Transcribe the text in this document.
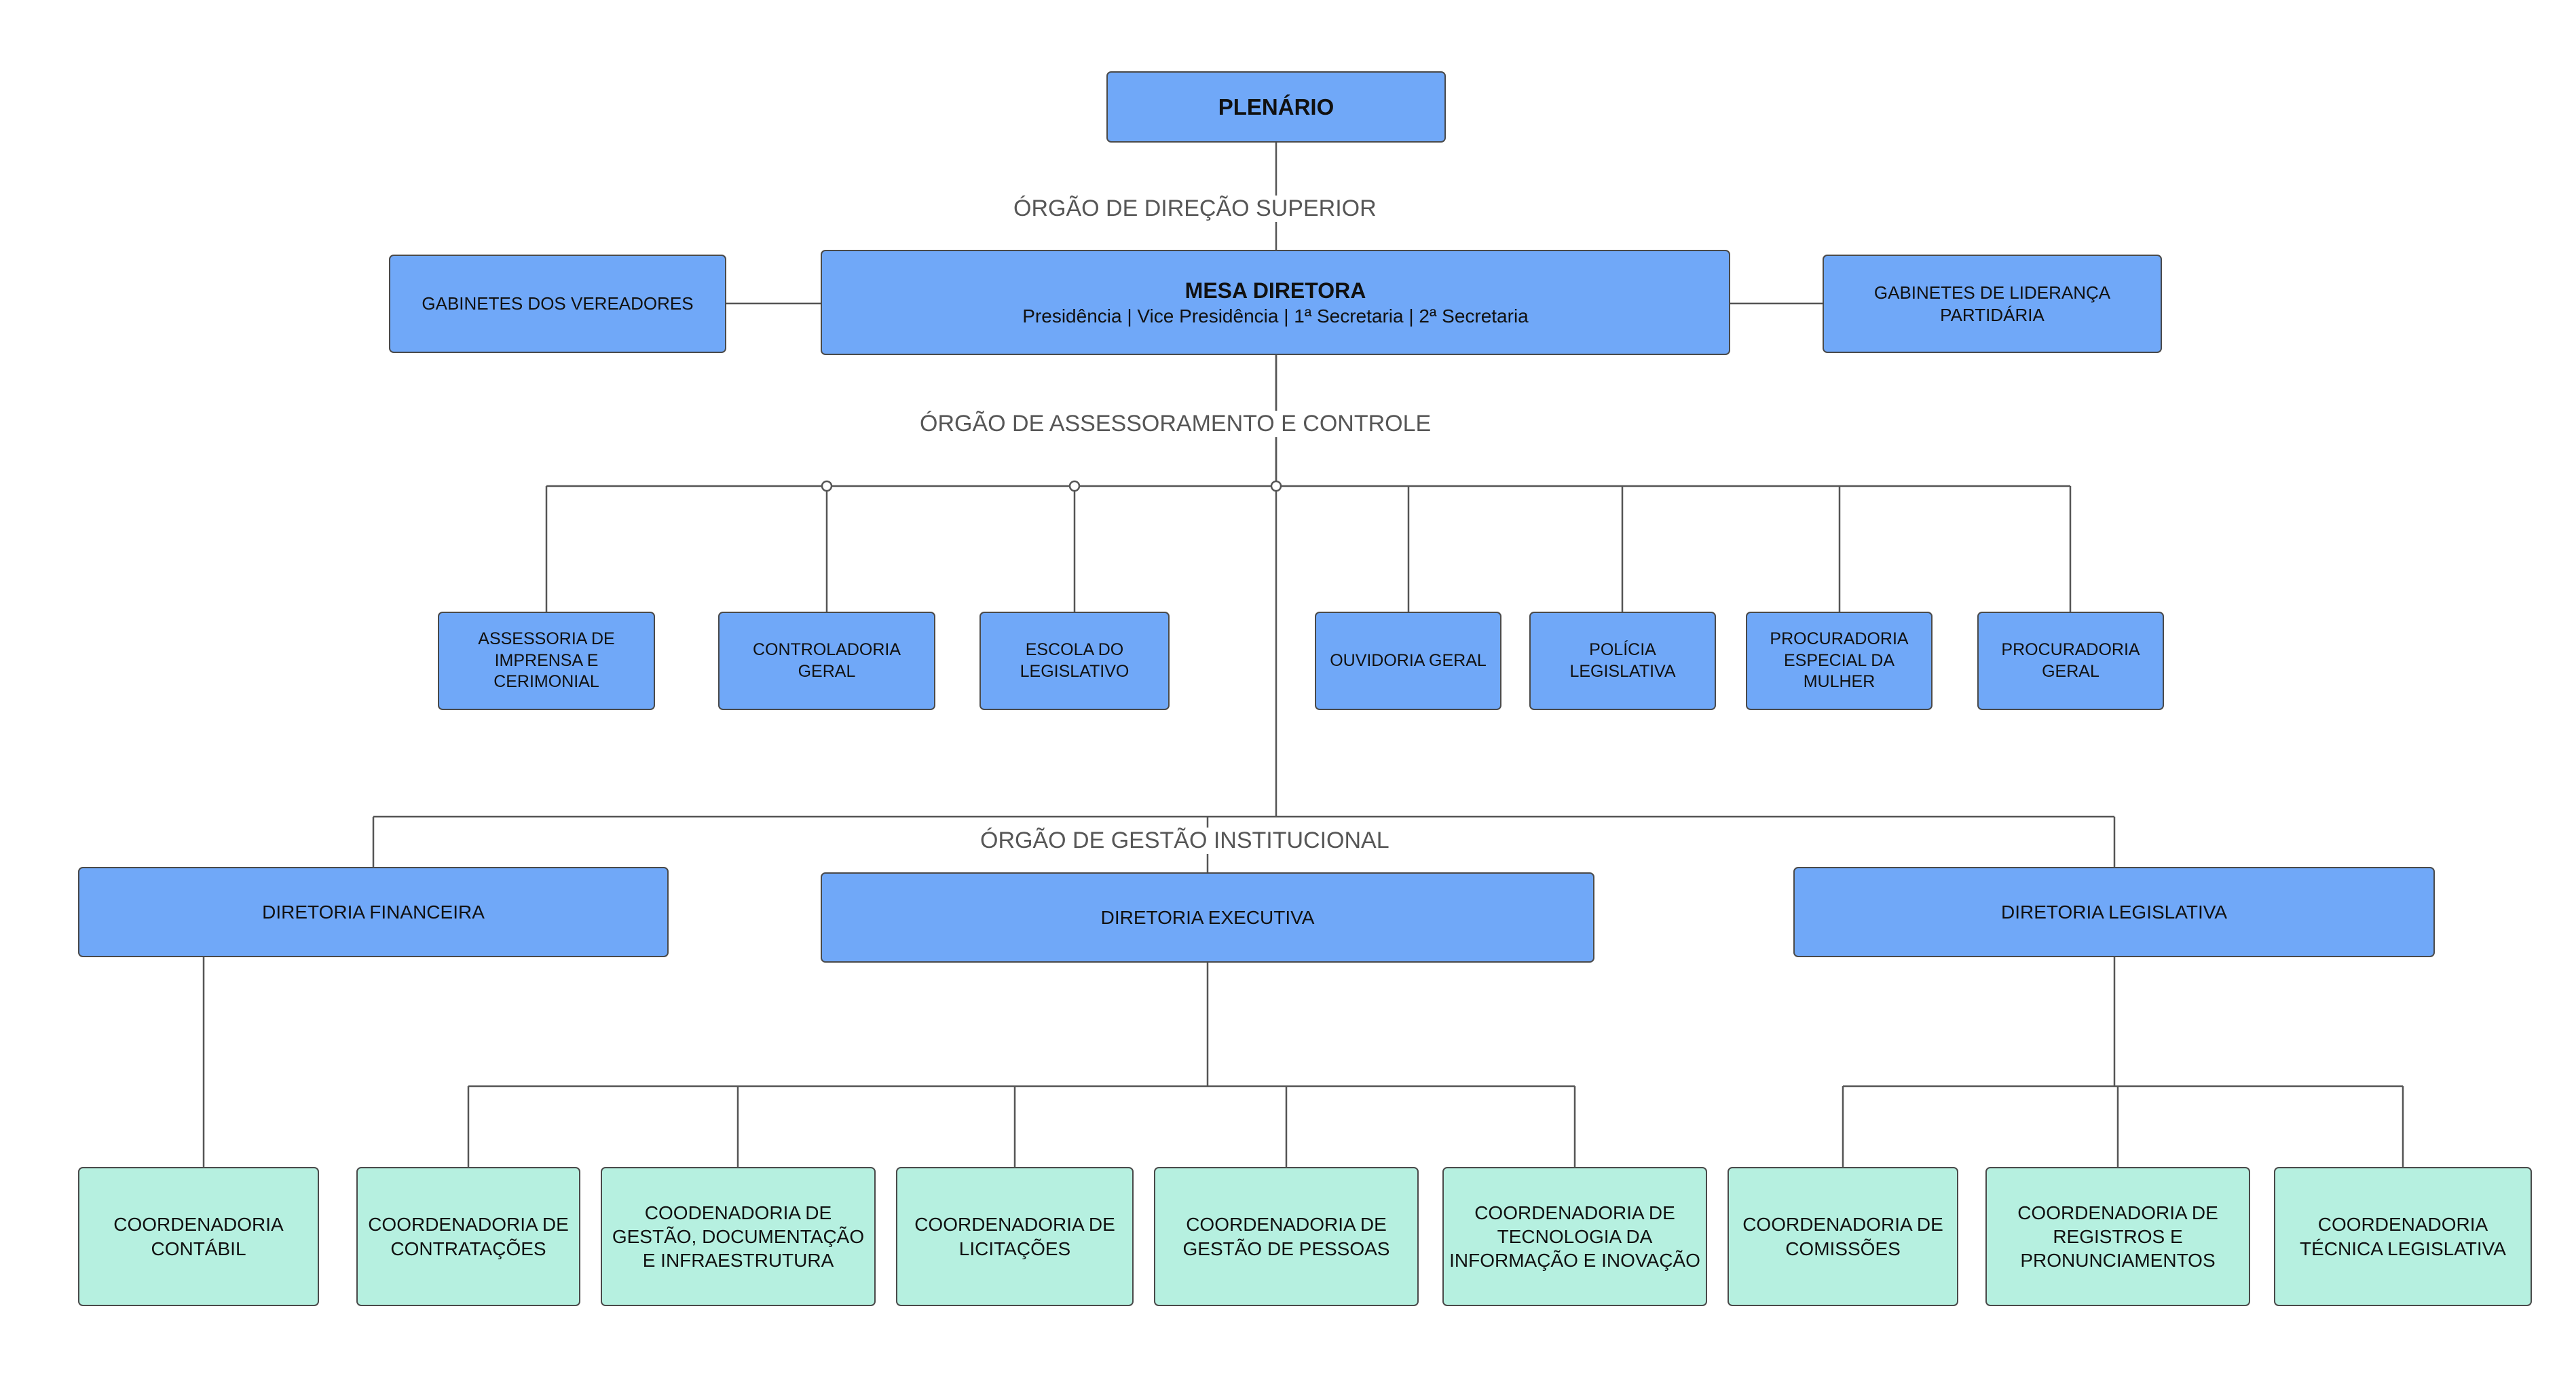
ÓRGÃO DE DIREÇÃO SUPERIOR
ÓRGÃO DE ASSESSORAMENTO E CONTROLE
ÓRGÃO DE GESTÃO INSTITUCIONAL
PLENÁRIO
GABINETES DOS VEREADORES
MESA DIRETORA
Presidência | Vice Presidência | 1ª Secretaria | 2ª Secretaria
GABINETES DE LIDERANÇA PARTIDÁRIA
ASSESSORIA DE IMPRENSA E CERIMONIAL
CONTROLADORIA GERAL
ESCOLA DO LEGISLATIVO
OUVIDORIA GERAL
POLÍCIA LEGISLATIVA
PROCURADORIA ESPECIAL DA MULHER
PROCURADORIA GERAL
DIRETORIA FINANCEIRA	DIRETORIA EXECUTIVA	DIRETORIA LEGISLATIVA
COORDENADORIA CONTÁBIL
COORDENADORIA DE CONTRATAÇÕES
COODENADORIA DE GESTÃO, DOCUMENTAÇÃO E INFRAESTRUTURA
COORDENADORIA DE LICITAÇÕES
COORDENADORIA DE GESTÃO DE PESSOAS
COORDENADORIA DE TECNOLOGIA DA INFORMAÇÃO E INOVAÇÃO
COORDENADORIA DE COMISSÕES
COORDENADORIA DE REGISTROS E PRONUNCIAMENTOS
COORDENADORIA TÉCNICA LEGISLATIVA
